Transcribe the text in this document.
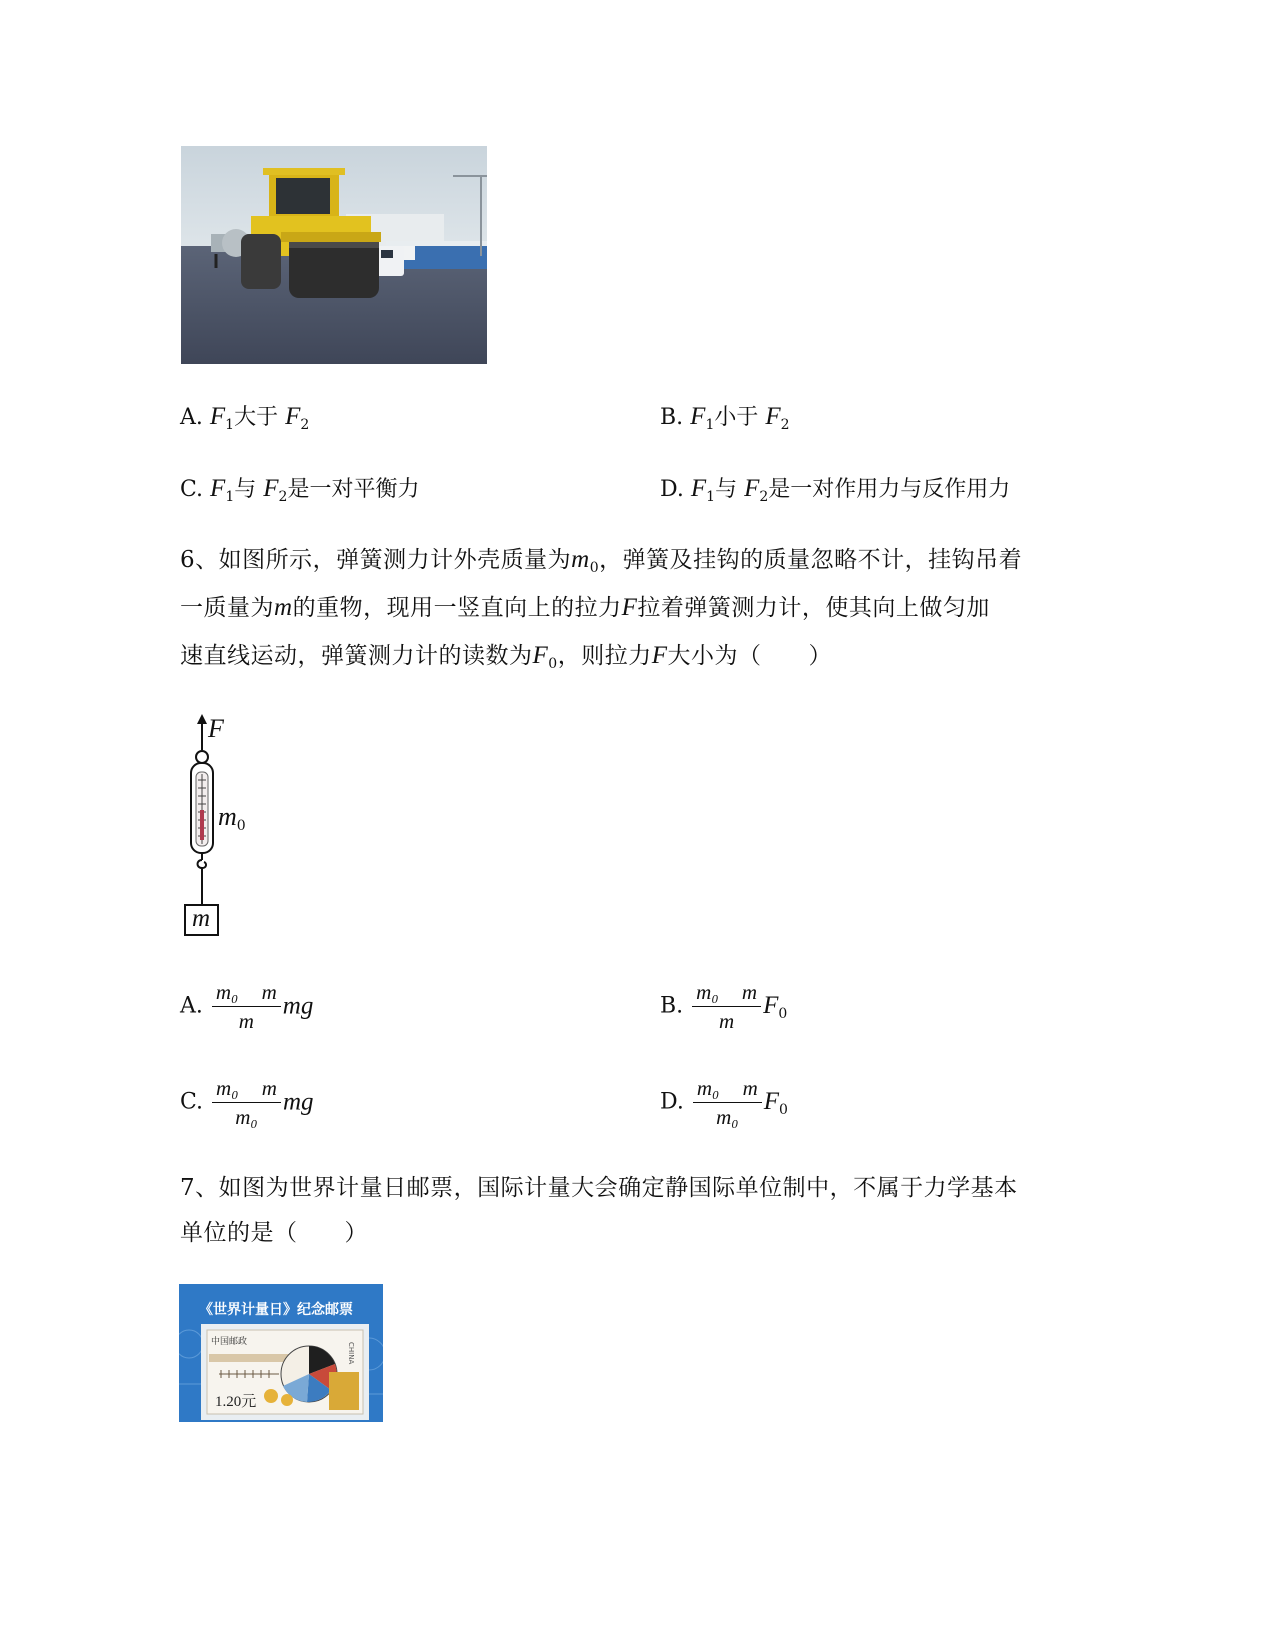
A. $F_1$大于 $F_2$	B. $F_1$小于 $F_2$
C. $F_1$与 $F_2$是一对平衡力	D. $F_1$与 $F_2$是一对作用力与反作用力
6、如图所示，弹簧测力计外壳质量为$m_0$，弹簧及挂钩的质量忽略不计，挂钩吊着
一质量为m的重物，现用一竖直向上的拉力F拉着弹簧测力计，使其向上做匀加
速直线运动，弹簧测力计的读数为$F_0$，则拉力F大小为（　　）
F
$m_0$
m
A. $\frac{\text{m₀ m}}{m}$ mg	B. $\frac{\text{m₀ m}}{m} F_0$
C. $\frac{\text{m₀ m}}{\text{m₀}}$ mg	D. $\frac{\text{m₀ m}}{\text{m₀}} F_0$
7、如图为世界计量日邮票，国际计量大会确定静国际单位制中，不属于力学基本
单位的是（　　）
《世界计量日》纪念邮票
中国邮政	CHINA
1.20元
